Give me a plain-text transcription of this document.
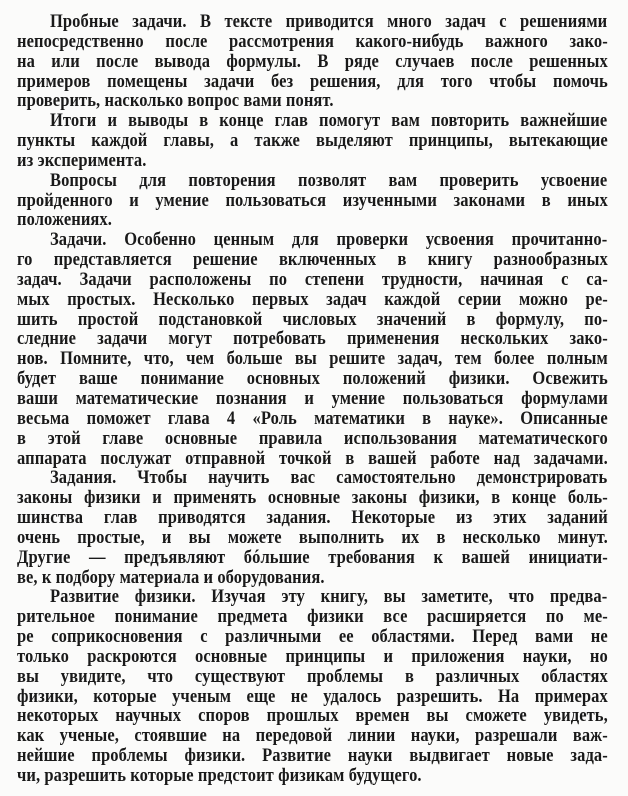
Пробные задачи. В тексте приводится много задач с решениями
непосредственно после рассмотрения какого-нибудь важного зако-
на или после вывода формулы. В ряде случаев после решенных
примеров помещены задачи без решения, для того чтобы помочь
проверить, насколько вопрос вами понят.
Итоги и выводы в конце глав помогут вам повторить важнейшие
пункты каждой главы, а также выделяют принципы, вытекающие
из эксперимента.
Вопросы для повторения позволят вам проверить усвоение
пройденного и умение пользоваться изученными законами в иных
положениях.
Задачи. Особенно ценным для проверки усвоения прочитанно-
го представляется решение включенных в книгу разнообразных
задач. Задачи расположены по степени трудности, начиная с са-
мых простых. Несколько первых задач каждой серии можно ре-
шить простой подстановкой числовых значений в формулу, по-
следние задачи могут потребовать применения нескольких зако-
нов. Помните, что, чем больше вы решите задач, тем более полным
будет ваше понимание основных положений физики. Освежить
ваши математические познания и умение пользоваться формулами
весьма поможет глава 4 «Роль математики в науке». Описанные
в этой главе основные правила использования математического
аппарата послужат отправной точкой в вашей работе над задачами.
Задания. Чтобы научить вас самостоятельно демонстрировать
законы физики и применять основные законы физики, в конце боль-
шинства глав приводятся задания. Некоторые из этих заданий
очень простые, и вы можете выполнить их в несколько минут.
Другие — предъявляют бóльшие требования к вашей инициати-
ве, к подбору материала и оборудования.
Развитие физики. Изучая эту книгу, вы заметите, что предва-
рительное понимание предмета физики все расширяется по ме-
ре соприкосновения с различными ее областями. Перед вами не
только раскроются основные принципы и приложения науки, но
вы увидите, что существуют проблемы в различных областях
физики, которые ученым еще не удалось разрешить. На примерах
некоторых научных споров прошлых времен вы сможете увидеть,
как ученые, стоявшие на передовой линии науки, разрешали важ-
нейшие проблемы физики. Развитие науки выдвигает новые зада-
чи, разрешить которые предстоит физикам будущего.
